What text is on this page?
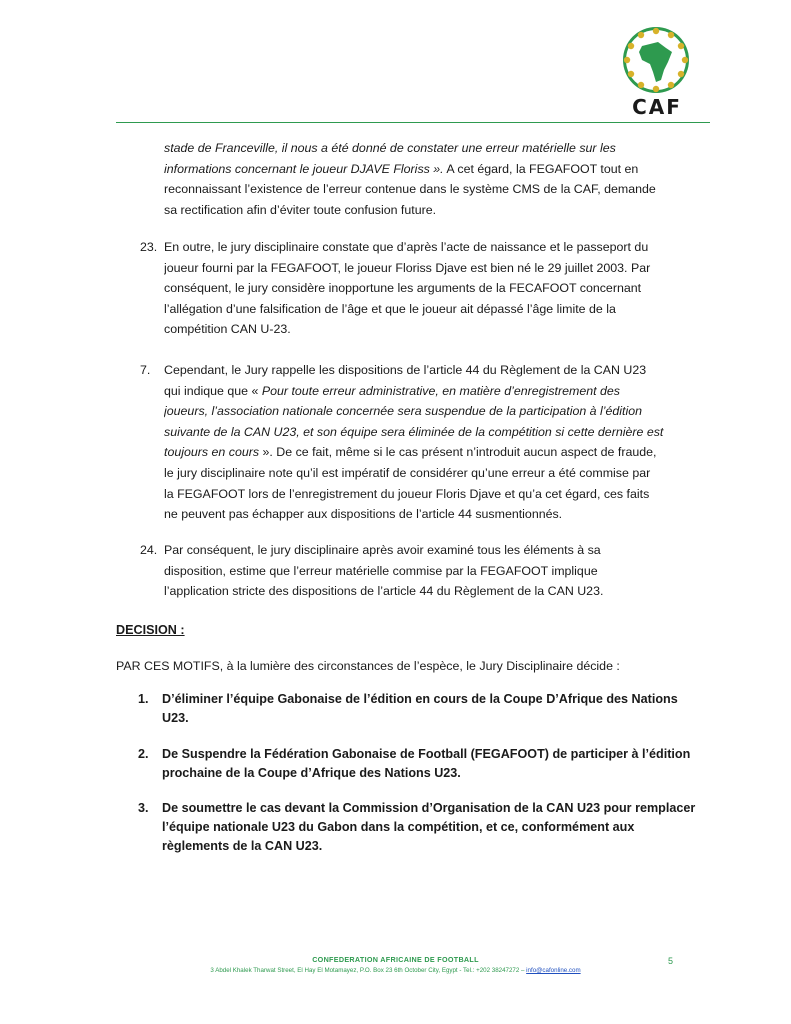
CAF
stade de Franceville, il nous a été donné de constater une erreur matérielle sur les
informations concernant le joueur DJAVE Floriss ». A cet égard, la FEGAFOOT tout en
reconnaissant l’existence de l’erreur contenue dans le système CMS de la CAF, demande
sa rectification afin d’éviter toute confusion future.
23. En outre, le jury disciplinaire constate que d’après l’acte de naissance et le passeport du
joueur fourni par la FEGAFOOT, le joueur Floriss Djave est bien né le 29 juillet 2003. Par
conséquent, le jury considère inopportune les arguments de la FECAFOOT concernant
l’allégation d’une falsification de l’âge et que le joueur ait dépassé l’âge limite de la
compétition CAN U-23.
7. Cependant, le Jury rappelle les dispositions de l’article 44 du Règlement de la CAN U23
qui indique que « Pour toute erreur administrative, en matière d’enregistrement des
joueurs, l’association nationale concernée sera suspendue de la participation à l’édition
suivante de la CAN U23, et son équipe sera éliminée de la compétition si cette dernière est
toujours en cours ». De ce fait, même si le cas présent n’introduit aucun aspect de fraude,
le jury disciplinaire note qu’il est impératif de considérer qu’une erreur a été commise par
la FEGAFOOT lors de l’enregistrement du joueur Floris Djave et qu’a cet égard, ces faits
ne peuvent pas échapper aux dispositions de l’article 44 susmentionnés.
24. Par conséquent, le jury disciplinaire après avoir examiné tous les éléments à sa
disposition, estime que l’erreur matérielle commise par la FEGAFOOT implique
l’application stricte des dispositions de l’article 44 du Règlement de la CAN U23.
DECISION :
PAR CES MOTIFS, à la lumière des circonstances de l’espèce, le Jury Disciplinaire décide :
1. D’éliminer l’équipe Gabonaise de l’édition en cours de la Coupe D’Afrique des Nations
U23.
2. De Suspendre la Fédération Gabonaise de Football (FEGAFOOT) de participer à l’édition
prochaine de la Coupe d’Afrique des Nations U23.
3. De soumettre le cas devant la Commission d’Organisation de la CAN U23 pour remplacer
l’équipe nationale U23 du Gabon dans la compétition, et ce, conformément aux
règlements de la CAN U23.
CONFEDERATION AFRICAINE DE FOOTBALL
3 Abdel Khalek Tharwat Street, El Hay El Motamayez, P.O. Box 23 6th October City, Egypt - Tel.: +202 38247272 – info@cafonline.com
5
